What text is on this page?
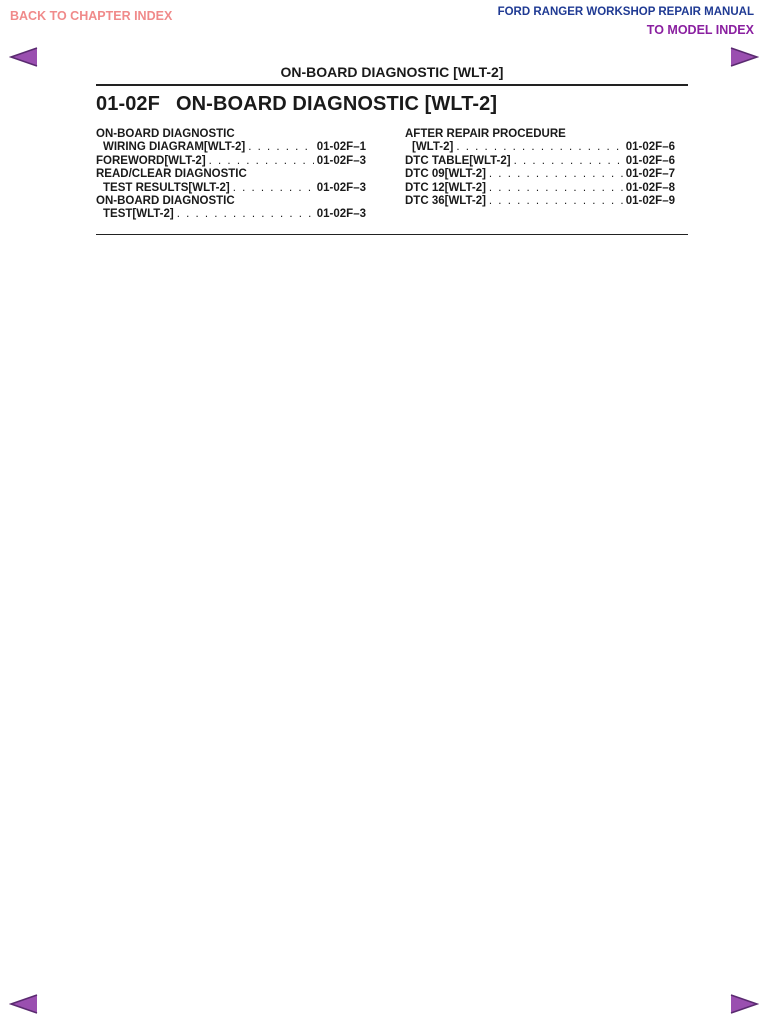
BACK TO CHAPTER INDEX	FORD RANGER WORKSHOP REPAIR MANUAL
TO MODEL INDEX
ON-BOARD DIAGNOSTIC [WLT-2]
01-02F ON-BOARD DIAGNOSTIC [WLT-2]
ON-BOARD DIAGNOSTIC
WIRING DIAGRAM[WLT-2] . . .	01-02F–1
FOREWORD[WLT-2] . . .	01-02F–3
READ/CLEAR DIAGNOSTIC
TEST RESULTS[WLT-2] . . .	01-02F–3
ON-BOARD DIAGNOSTIC
TEST[WLT-2] . . .	01-02F–3
AFTER REPAIR PROCEDURE
[WLT-2] . . .	01-02F–6
DTC TABLE[WLT-2] . . .	01-02F–6
DTC 09[WLT-2] . . .	01-02F–7
DTC 12[WLT-2] . . .	01-02F–8
DTC 36[WLT-2] . . .	01-02F–9
